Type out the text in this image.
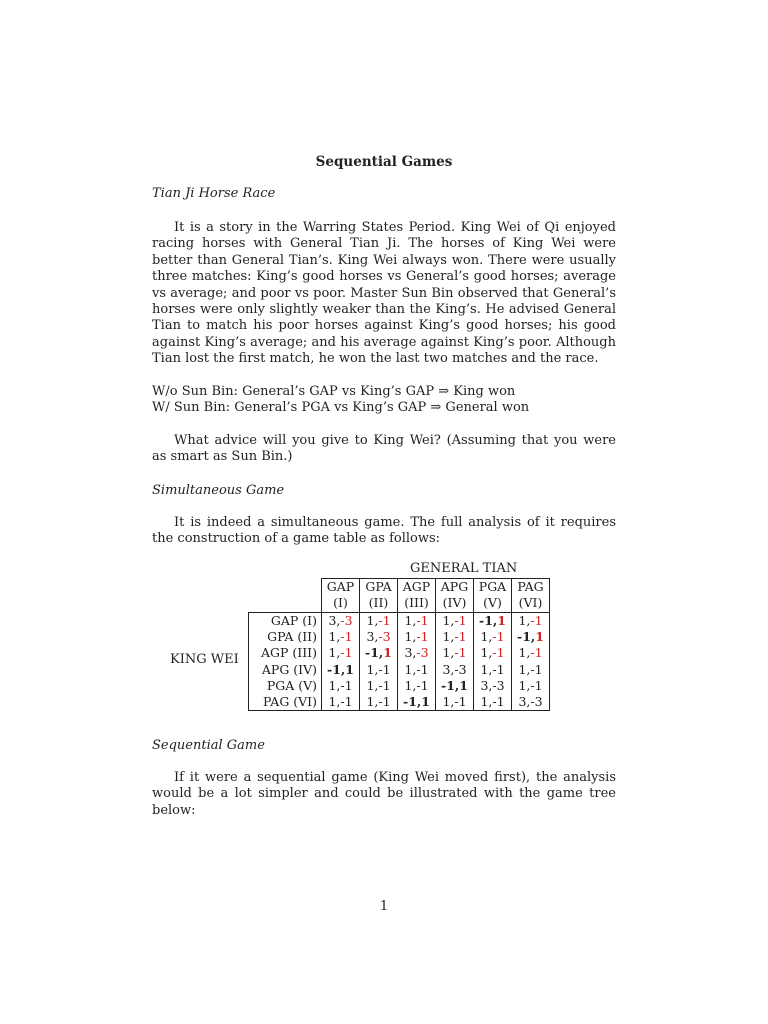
Sequential Games
Tian Ji Horse Race

It is a story in the Warring States Period. King Wei of Qi enjoyed racing horses with General Tian Ji. The horses of King Wei were better than General Tian’s. King Wei always won. There were usually three matches: King’s good horses vs General’s good horses; average vs average; and poor vs poor. Master Sun Bin observed that General’s horses were only slightly weaker than the King’s. He advised General Tian to match his poor horses against King’s good horses; his good against King’s average; and his average against King’s poor. Although Tian lost the first match, he won the last two matches and the race.

W/o Sun Bin: General’s GAP vs King’s GAP ⇒ King won
W/ Sun Bin: General’s PGA vs King’s GAP ⇒ General won

What advice will you give to King Wei? (Assuming that you were as smart as Sun Bin.)

Simultaneous Game

It is indeed a simultaneous game. The full analysis of it requires the construction of a game table as follows:

GENERAL TIAN
KING WEI
	GAP	GPA	AGP	APG	PGA	PAG
	(I)	(II)	(III)	(IV)	(V)	(VI)
GAP (I)	3,-3	1,-1	1,-1	1,-1	-1,1	1,-1
GPA (II)	1,-1	3,-3	1,-1	1,-1	1,-1	-1,1
AGP (III)	1,-1	-1,1	3,-3	1,-1	1,-1	1,-1
APG (IV)	-1,1	1,-1	1,-1	3,-3	1,-1	1,-1
PGA (V)	1,-1	1,-1	1,-1	-1,1	3,-3	1,-1
PAG (VI)	1,-1	1,-1	-1,1	1,-1	1,-1	3,-3
Sequential Game

If it were a sequential game (King Wei moved first), the analysis would be a lot simpler and could be illustrated with the game tree below:

1
